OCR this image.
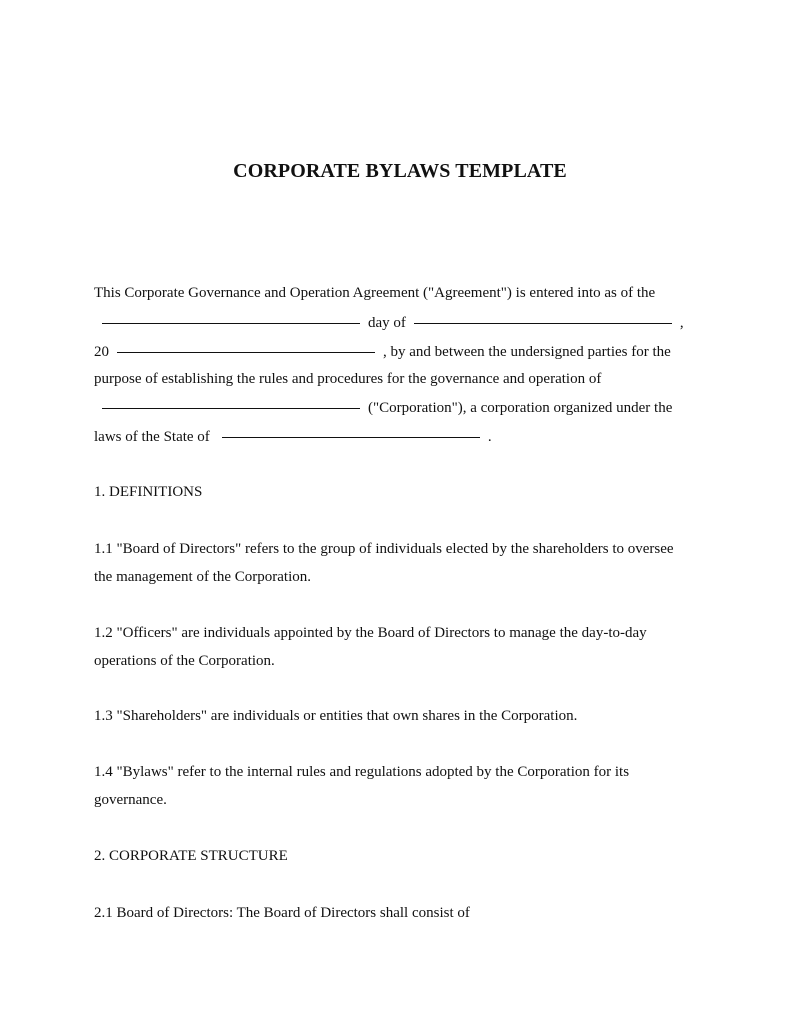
CORPORATE BYLAWS TEMPLATE
This Corporate Governance and Operation Agreement ("Agreement") is entered into as of the
day of	,
20	, by and between the undersigned parties for the
purpose of establishing the rules and procedures for the governance and operation of
("Corporation"), a corporation organized under the
laws of the State of	.
1. DEFINITIONS
1.1 "Board of Directors" refers to the group of individuals elected by the shareholders to oversee
the management of the Corporation.
1.2 "Officers" are individuals appointed by the Board of Directors to manage the day-to-day
operations of the Corporation.
1.3 "Shareholders" are individuals or entities that own shares in the Corporation.
1.4 "Bylaws" refer to the internal rules and regulations adopted by the Corporation for its
governance.
2. CORPORATE STRUCTURE
2.1 Board of Directors: The Board of Directors shall consist of
